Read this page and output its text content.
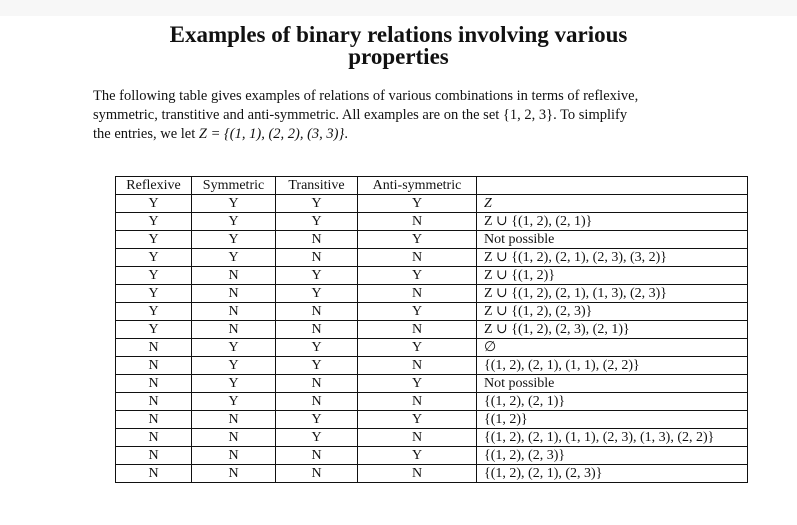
Examples of binary relations involving various
properties
The following table gives examples of relations of various combinations in terms of reflexive,
symmetric, transtitive and anti-symmetric. All examples are on the set {1, 2, 3}. To simplify
the entries, we let Z = {(1, 1), (2, 2), (3, 3)}.
Reflexive	Symmetric	Transitive	Anti-symmetric	
Y	Y	Y	Y	Z
Y	Y	Y	N	Z ∪ {(1, 2), (2, 1)}
Y	Y	N	Y	Not possible
Y	Y	N	N	Z ∪ {(1, 2), (2, 1), (2, 3), (3, 2)}
Y	N	Y	Y	Z ∪ {(1, 2)}
Y	N	Y	N	Z ∪ {(1, 2), (2, 1), (1, 3), (2, 3)}
Y	N	N	Y	Z ∪ {(1, 2), (2, 3)}
Y	N	N	N	Z ∪ {(1, 2), (2, 3), (2, 1)}
N	Y	Y	Y	∅
N	Y	Y	N	{(1, 2), (2, 1), (1, 1), (2, 2)}
N	Y	N	Y	Not possible
N	Y	N	N	{(1, 2), (2, 1)}
N	N	Y	Y	{(1, 2)}
N	N	Y	N	{(1, 2), (2, 1), (1, 1), (2, 3), (1, 3), (2, 2)}
N	N	N	Y	{(1, 2), (2, 3)}
N	N	N	N	{(1, 2), (2, 1), (2, 3)}
